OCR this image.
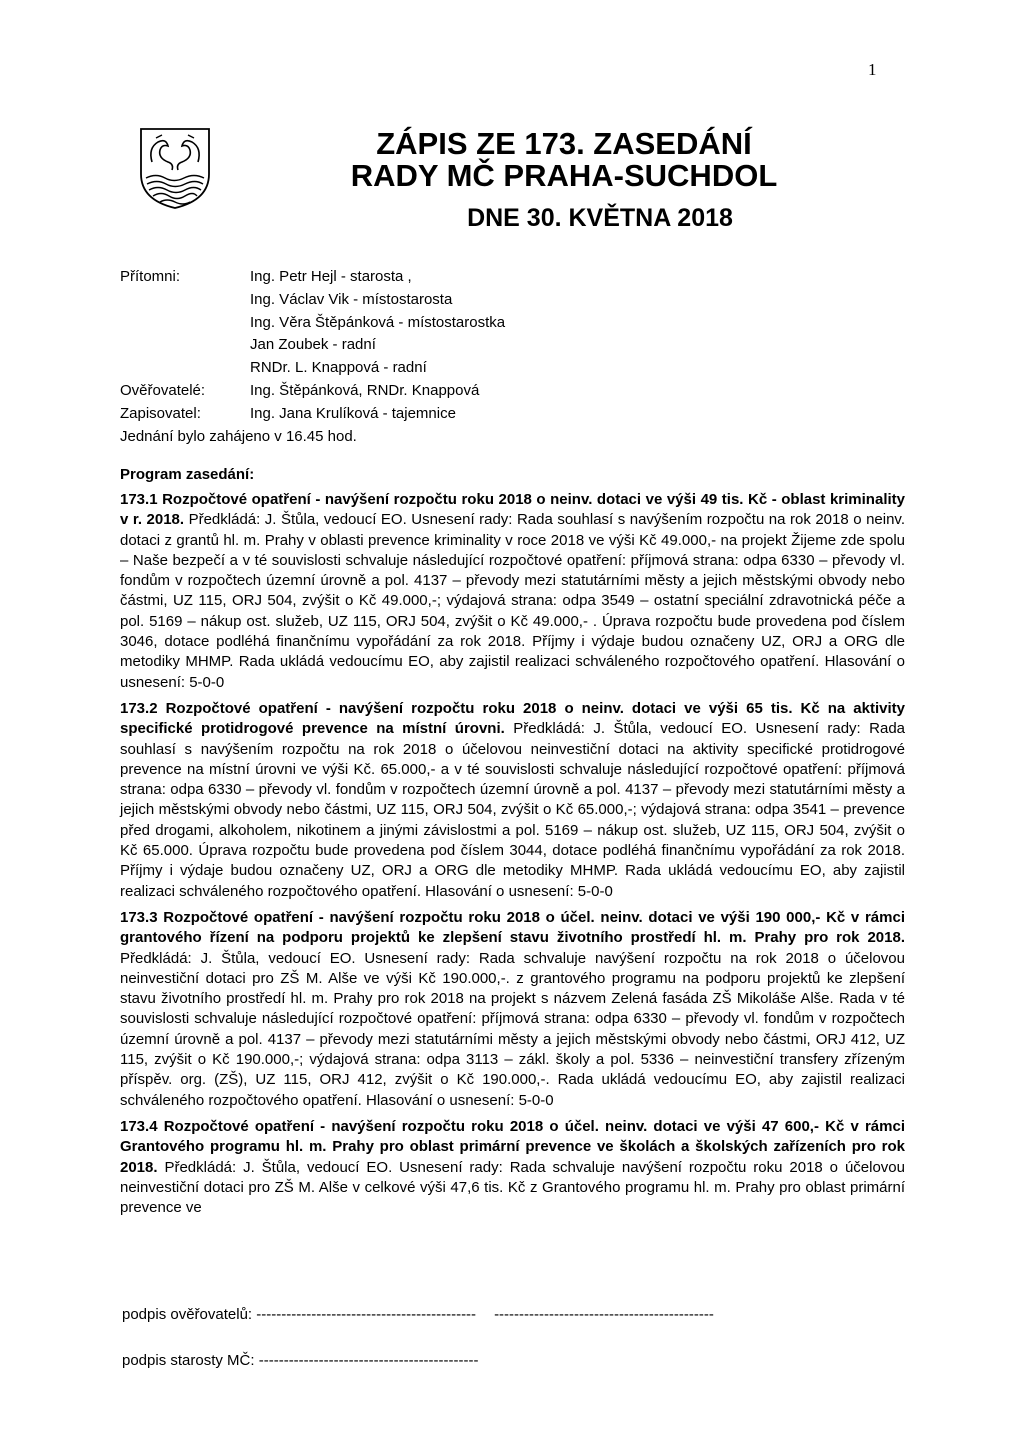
1
ZÁPIS ZE 173. ZASEDÁNÍ
RADY MČ PRAHA-SUCHDOL
DNE 30. KVĚTNA 2018
Přítomni:	Ing. Petr Hejl - starosta ,
Ing. Václav Vik - místostarosta
Ing. Věra Štěpánková - místostarostka
Jan Zoubek - radní
RNDr. L. Knappová - radní
Ověřovatelé:	Ing. Štěpánková, RNDr. Knappová
Zapisovatel:	Ing. Jana Krulíková - tajemnice
Jednání bylo zahájeno v 16.45 hod.
Program zasedání:

173.1 Rozpočtové opatření - navýšení rozpočtu roku 2018 o neinv. dotaci ve výši 49 tis. Kč - oblast kriminality v r. 2018. Předkládá: J. Štůla, vedoucí EO. Usnesení rady: Rada souhlasí s navýšením rozpočtu na rok 2018 o neinv. dotaci z grantů hl. m. Prahy v oblasti prevence kriminality v roce 2018 ve výši Kč 49.000,- na projekt Žijeme zde spolu – Naše bezpečí a v té souvislosti schvaluje následující rozpočtové opatření: příjmová strana: odpa 6330 – převody vl. fondům v rozpočtech územní úrovně a pol. 4137 – převody mezi statutárními městy a jejich městskými obvody nebo částmi, UZ 115, ORJ 504, zvýšit o Kč 49.000,-; výdajová strana: odpa 3549 – ostatní speciální zdravotnická péče a pol. 5169 – nákup ost. služeb, UZ 115, ORJ 504, zvýšit o Kč 49.000,- . Úprava rozpočtu bude provedena pod číslem 3046, dotace podléhá finančnímu vypořádání za rok 2018. Příjmy i výdaje budou označeny UZ, ORJ a ORG dle metodiky MHMP. Rada ukládá vedoucímu EO, aby zajistil realizaci schváleného rozpočtového opatření. Hlasování o usnesení: 5-0-0

173.2 Rozpočtové opatření - navýšení rozpočtu roku 2018 o neinv. dotaci ve výši 65 tis. Kč na aktivity specifické protidrogové prevence na místní úrovni. Předkládá: J. Štůla, vedoucí EO. Usnesení rady: Rada souhlasí s navýšením rozpočtu na rok 2018 o účelovou neinvestiční dotaci na aktivity specifické protidrogové prevence na místní úrovni ve výši Kč. 65.000,- a v té souvislosti schvaluje následující rozpočtové opatření: příjmová strana: odpa 6330 – převody vl. fondům v rozpočtech územní úrovně a pol. 4137 – převody mezi statutárními městy a jejich městskými obvody nebo částmi, UZ 115, ORJ 504, zvýšit o Kč 65.000,-; výdajová strana: odpa 3541 – prevence před drogami, alkoholem, nikotinem a jinými závislostmi a pol. 5169 – nákup ost. služeb, UZ 115, ORJ 504, zvýšit o Kč 65.000. Úprava rozpočtu bude provedena pod číslem 3044, dotace podléhá finančnímu vypořádání za rok 2018. Příjmy i výdaje budou označeny UZ, ORJ a ORG dle metodiky MHMP. Rada ukládá vedoucímu EO, aby zajistil realizaci schváleného rozpočtového opatření. Hlasování o usnesení: 5-0-0

173.3 Rozpočtové opatření - navýšení rozpočtu roku 2018 o účel. neinv. dotaci ve výši 190 000,- Kč v rámci grantového řízení na podporu projektů ke zlepšení stavu životního prostředí hl. m. Prahy pro rok 2018. Předkládá: J. Štůla, vedoucí EO. Usnesení rady: Rada schvaluje navýšení rozpočtu na rok 2018 o účelovou neinvestiční dotaci pro ZŠ M. Alše ve výši Kč 190.000,-. z grantového programu na podporu projektů ke zlepšení stavu životního prostředí hl. m. Prahy pro rok 2018 na projekt s názvem Zelená fasáda ZŠ Mikoláše Alše. Rada v té souvislosti schvaluje následující rozpočtové opatření: příjmová strana: odpa 6330 – převody vl. fondům v rozpočtech územní úrovně a pol. 4137 – převody mezi statutárními městy a jejich městskými obvody nebo částmi, ORJ 412, UZ 115, zvýšit o Kč 190.000,-; výdajová strana: odpa 3113 – zákl. školy a pol. 5336 – neinvestiční transfery zřízeným příspěv. org. (ZŠ), UZ 115, ORJ 412, zvýšit o Kč 190.000,-. Rada ukládá vedoucímu EO, aby zajistil realizaci schváleného rozpočtového opatření. Hlasování o usnesení: 5-0-0

173.4 Rozpočtové opatření - navýšení rozpočtu roku 2018 o účel. neinv. dotaci ve výši 47 600,- Kč v rámci Grantového programu hl. m. Prahy pro oblast primární prevence ve školách a školských zařízeních pro rok 2018. Předkládá: J. Štůla, vedoucí EO. Usnesení rady: Rada schvaluje navýšení rozpočtu roku 2018 o účelovou neinvestiční dotaci pro ZŠ M. Alše v celkové výši 47,6 tis. Kč z Grantového programu hl. m. Prahy pro oblast primární prevence ve

podpis ověřovatelů: -------------------------------------------- --------------------------------------------
podpis starosty MČ: --------------------------------------------
